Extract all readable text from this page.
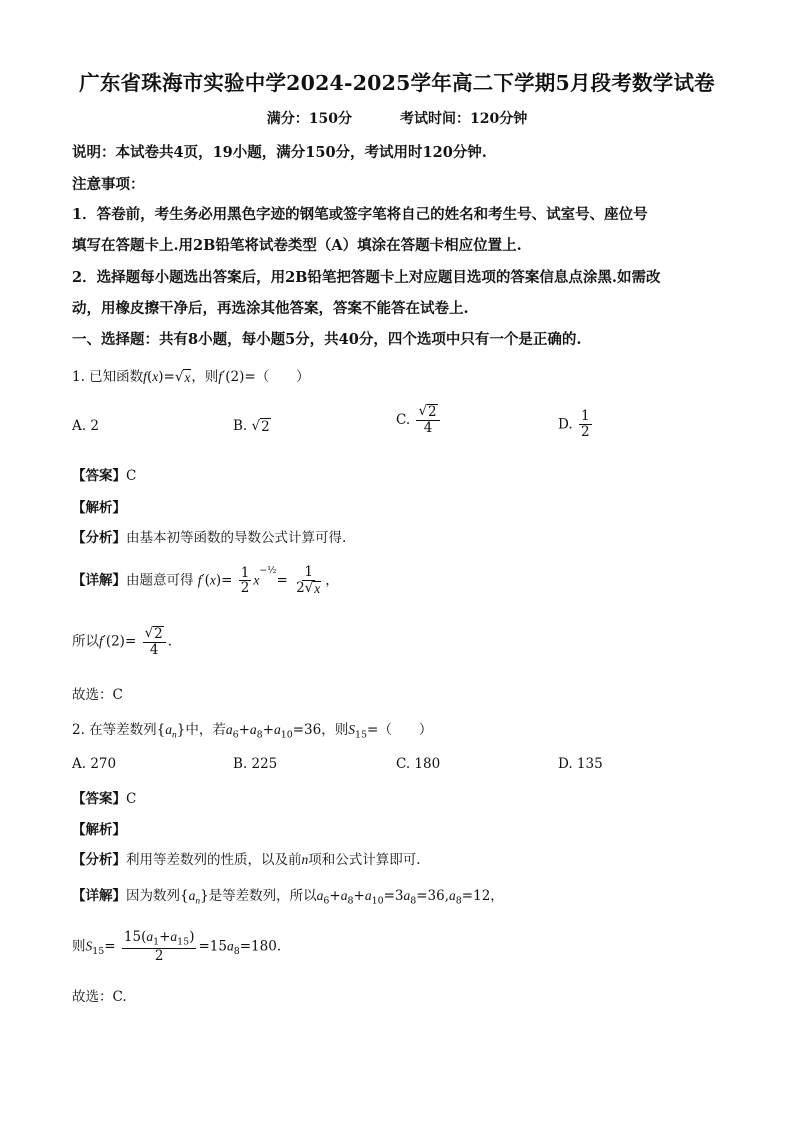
广东省珠海市实验中学2024-2025学年高二下学期5月段考数学试卷
满分：150分	考试时间：120分钟
说明：本试卷共4页，19小题，满分150分，考试用时120分钟.
注意事项：
1．答卷前，考生务必用黑色字迹的钢笔或签字笔将自己的姓名和考生号、试室号、座位号
填写在答题卡上.用2B铅笔将试卷类型（A）填涂在答题卡相应位置上.
2．选择题每小题选出答案后，用2B铅笔把答题卡上对应题目选项的答案信息点涂黑.如需改
动，用橡皮擦干净后，再选涂其他答案，答案不能答在试卷上.
一、选择题：共有8小题，每小题5分，共40分，四个选项中只有一个是正确的.
1. 已知函数f(x)= √ x ，则f′(2)=（　　）
A. 2	B. √ 2	C. $\frac{√ 2}{4}$	D. $\frac{1}{2}$
【答案】C
【解析】
【分析】由基本初等函数的导数公式计算可得.
【详解】由题意可得 $f'(x)= \frac{1}{2} x^{-\frac{1}{2}}= \frac{1}{2 √ x}$ ，
所以$f'(2)= \frac{√ 2}{4}$ .
故选：C
2. 在等差数列$\{a_n\}$中，若$a_6+a_8+a_{10}=36$，则$S_{15}=$（　　）
A. 270	B. 225	C. 180	D. 135
【答案】C
【解析】
【分析】利用等差数列的性质，以及前n项和公式计算即可.
【详解】因为数列$\{a_n\}$是等差数列，所以$a_6+a_8+a_{10}=3a_8=36,a_8=12$，
则$S_{15}= \frac{15(a_1+a_{15})}{2} =15a_8=180$.
故选：C.
